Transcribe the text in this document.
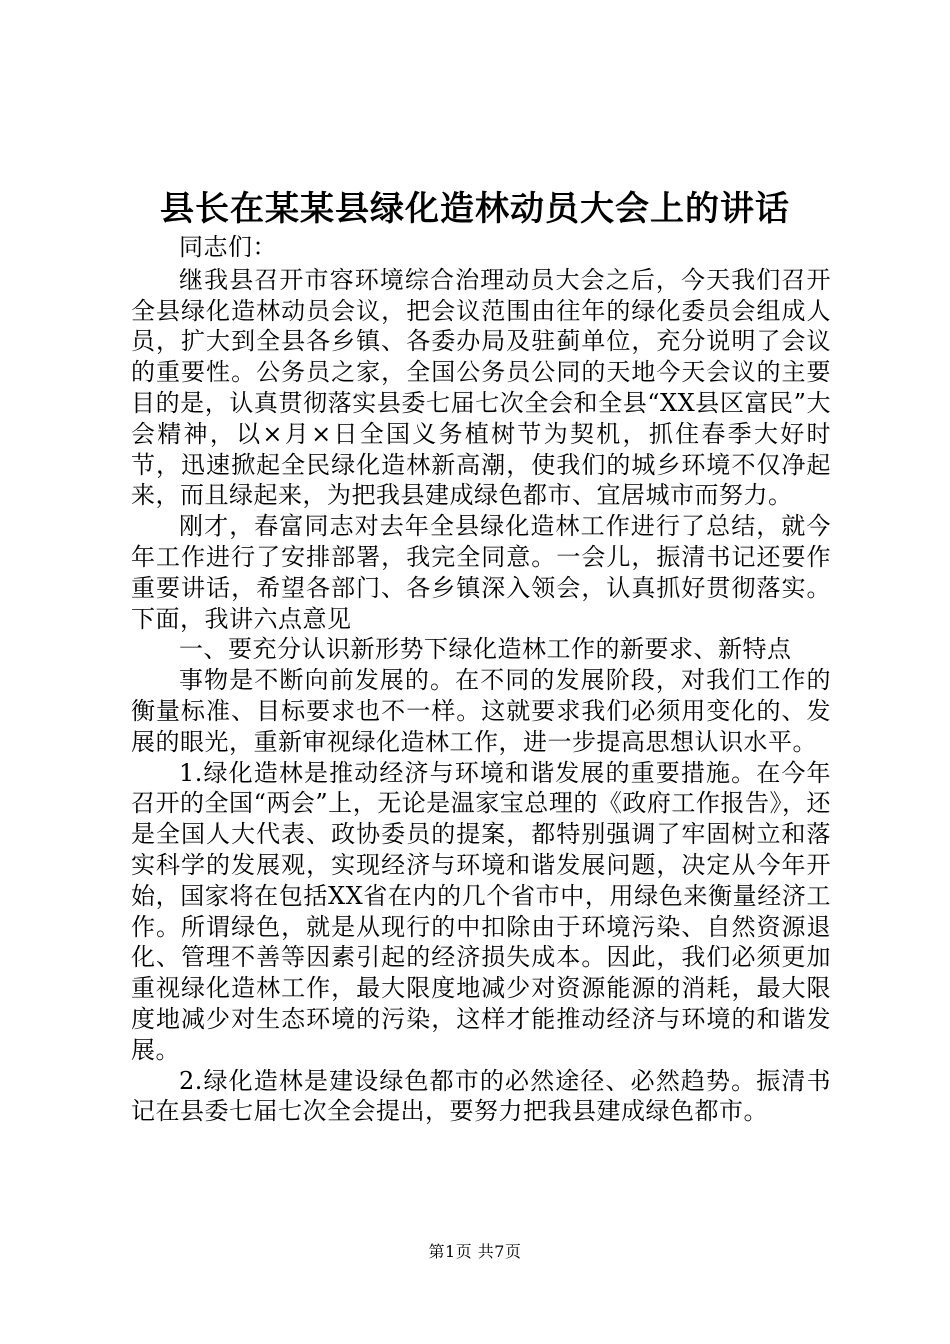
县长在某某县绿化造林动员大会上的讲话

同志们：

继我县召开市容环境综合治理动员大会之后，今天我们召开全县绿化造林动员会议，把会议范围由往年的绿化委员会组成人员，扩大到全县各乡镇、各委办局及驻蓟单位，充分说明了会议的重要性。公务员之家，全国公务员公同的天地今天会议的主要目的是，认真贯彻落实县委七届七次全会和全县“XX县区富民”大会精神，以×月×日全国义务植树节为契机，抓住春季大好时节，迅速掀起全民绿化造林新高潮，使我们的城乡环境不仅净起来，而且绿起来，为把我县建成绿色都市、宜居城市而努力。

刚才，春富同志对去年全县绿化造林工作进行了总结，就今年工作进行了安排部署，我完全同意。一会儿，振清书记还要作重要讲话，希望各部门、各乡镇深入领会，认真抓好贯彻落实。下面，我讲六点意见

一、要充分认识新形势下绿化造林工作的新要求、新特点

事物是不断向前发展的。在不同的发展阶段，对我们工作的衡量标准、目标要求也不一样。这就要求我们必须用变化的、发展的眼光，重新审视绿化造林工作，进一步提高思想认识水平。

1.绿化造林是推动经济与环境和谐发展的重要措施。在今年召开的全国“两会”上，无论是温家宝总理的《政府工作报告》，还是全国人大代表、政协委员的提案，都特别强调了牢固树立和落实科学的发展观，实现经济与环境和谐发展问题，决定从今年开始，国家将在包括XX省在内的几个省市中，用绿色来衡量经济工作。所谓绿色，就是从现行的中扣除由于环境污染、自然资源退化、管理不善等因素引起的经济损失成本。因此，我们必须更加重视绿化造林工作，最大限度地减少对资源能源的消耗，最大限度地减少对生态环境的污染，这样才能推动经济与环境的和谐发展。

2.绿化造林是建设绿色都市的必然途径、必然趋势。振清书记在县委七届七次全会提出，要努力把我县建成绿色都市。

第1页 共7页
